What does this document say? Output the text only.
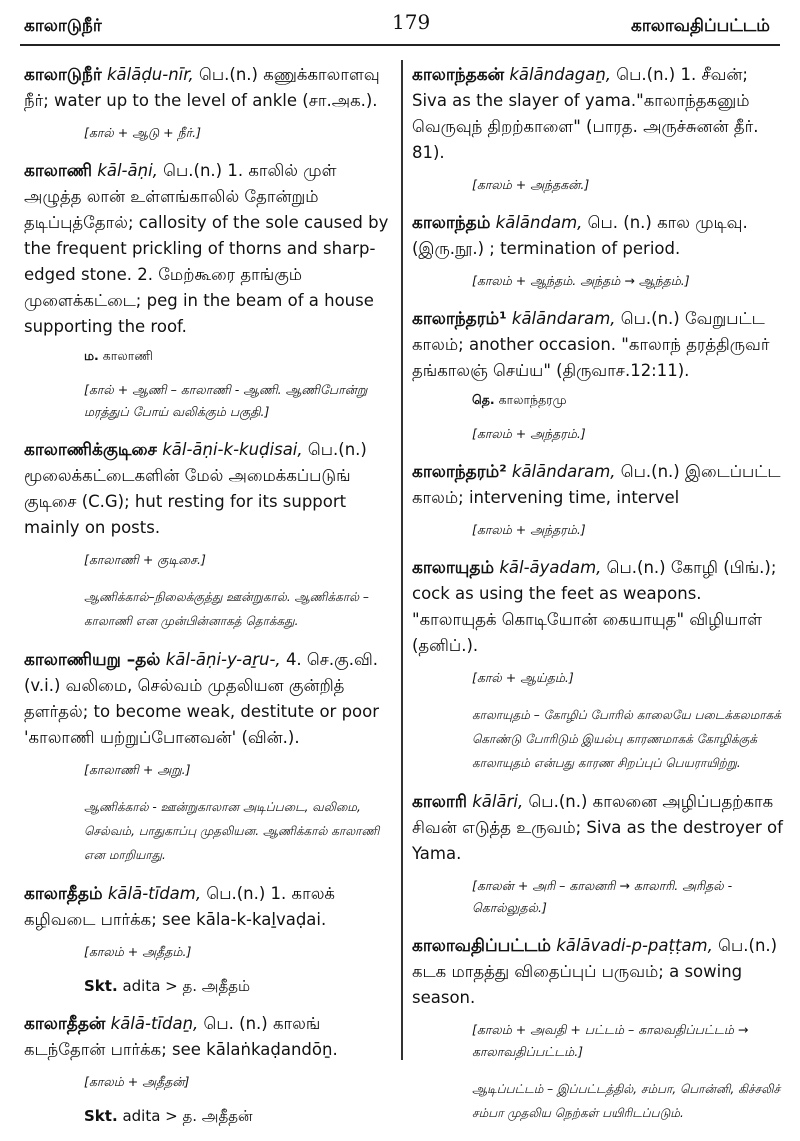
காலாடுநீர்	179	காலாவதிப்பட்டம்
காலாடுநீர் kālāḍu-nīr, பெ.(n.) கணுக்காலாளவு நீர்; water up to the level of ankle (சா.அக.).
[கால் + ஆடு + நீர்.]
காலாணி kāl-āṇi, பெ.(n.) 1. காலில் முள் அழுத்த லான் உள்ளங்காலில் தோன்றும் தடிப்புத்தோல்; callosity of the sole caused by the frequent prickling of thorns and sharp-edged stone. 2. மேற்கூரை தாங்கும் முளைக்கட்டை; peg in the beam of a house supporting the roof.
ம. காலாணி
[கால் + ஆணி – காலாணி - ஆணி. ஆணிபோன்று மரத்துப் போய் வலிக்கும் பகுதி.]
காலாணிக்குடிசை kāl-āṇi-k-kuḍisai, பெ.(n.) மூலைக்கட்டைகளின் மேல் அமைக்கப்படுங் குடிசை (C.G); hut resting for its support mainly on posts.
[காலாணி + குடிசை.]
ஆணிக்கால்–நிலைக்குத்து ஊன்றுகால். ஆணிக்கால் –காலாணி என முன்பின்னாகத் தொக்கது.
காலாணியறு –தல் kāl-āṇi-y-aṟu-, 4. செ.கு.வி. (v.i.) வலிமை, செல்வம் முதலியன குன்றித் தளர்தல்; to become weak, destitute or poor 'காலாணி யற்றுப்போனவன்' (வின்.).
[காலாணி + அறு.]
ஆணிக்கால் - ஊன்றுகாலான அடிப்படை, வலிமை, செல்வம், பாதுகாப்பு முதலியன. ஆணிக்கால் காலாணி என மாறியாது.
காலாதீதம் kālā-tīdam, பெ.(n.) 1. காலக் கழிவடை பார்க்க; see kāla-k-kaḻvaḍai.
[காலம் + அதீதம்.]
Skt. adita > த. அதீதம்
காலாதீதன் kālā-tīdaṉ, பெ. (n.) காலங் கடந்தோன் பார்க்க; see kālaṅkaḍandōṉ.
[காலம் + அதீதன்]
Skt. adita > த. அதீதன்
காலாந்தகன் kālāndagaṉ, பெ.(n.) 1. சீவன்; Siva as the slayer of yama."காலாந்தகனும் வெருவுந் திறற்காளை" (பாரத. அருச்சுனன் தீர். 81).
[காலம் + அந்தகன்.]
காலாந்தம் kālāndam, பெ. (n.) கால முடிவு. (இரு.நூ.) ; termination of period.
[காலம் + ஆந்தம். அந்தம் → ஆந்தம்.]
காலாந்தரம்¹ kālāndaram, பெ.(n.) வேறுபட்ட காலம்; another occasion. "காலாந் தரத்திருவர் தங்காலஞ் செய்ய" (திருவாச.12:11).
தெ. காலாந்தரமு
[காலம் + அந்தரம்.]
காலாந்தரம்² kālāndaram, பெ.(n.) இடைப்பட்ட காலம்; intervening time, intervel
[காலம் + அந்தரம்.]
காலாயுதம் kāl-āyadam, பெ.(n.) கோழி (பிங்.); cock as using the feet as weapons. "காலாயுதக் கொடியோன் கையாயுத" விழியாள் (தனிப்.).
[கால் + ஆய்தம்.]
காலாயுதம் – கோழிப் போரில் காலையே படைக்கலமாகக் கொண்டு போரிடும் இயல்பு காரணமாகக் கோழிக்குக் காலாயுதம் என்பது காரண சிறப்புப் பெயராயிற்று.
காலாரி kālāri, பெ.(n.) காலனை அழிப்பதற்காக சிவன் எடுத்த உருவம்; Siva as the destroyer of Yama.
[காலன் + அரி – காலனரி → காலாரி. அரிதல் - கொல்லுதல்.]
காலாவதிப்பட்டம் kālāvadi-p-paṭṭam, பெ.(n.) கடக மாதத்து விதைப்புப் பருவம்; a sowing season.
[காலம் + அவதி + பட்டம் – காலவதிப்பட்டம் → காலாவதிப்பட்டம்.]
ஆடிப்பட்டம் – இப்பட்டத்தில், சம்பா, பொன்னி, கிச்சலிச் சம்பா முதலிய நெற்கள் பயிரிடப்படும்.
